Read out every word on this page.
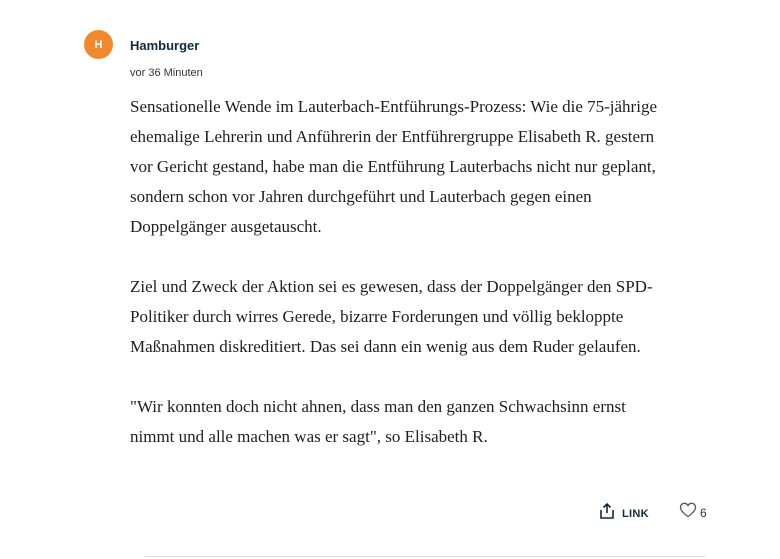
H Hamburger
vor 36 Minuten

Sensationelle Wende im Lauterbach-Entführungs-Prozess: Wie die 75-jährige ehemalige Lehrerin und Anführerin der Entführergruppe Elisabeth R. gestern vor Gericht gestand, habe man die Entführung Lauterbachs nicht nur geplant, sondern schon vor Jahren durchgeführt und Lauterbach gegen einen Doppelgänger ausgetauscht.

Ziel und Zweck der Aktion sei es gewesen, dass der Doppelgänger den SPD-Politiker durch wirres Gerede, bizarre Forderungen und völlig bekloppte Maßnahmen diskreditiert. Das sei dann ein wenig aus dem Ruder gelaufen.

"Wir konnten doch nicht ahnen, dass man den ganzen Schwachsinn ernst nimmt und alle machen was er sagt", so Elisabeth R.

LINK	6
